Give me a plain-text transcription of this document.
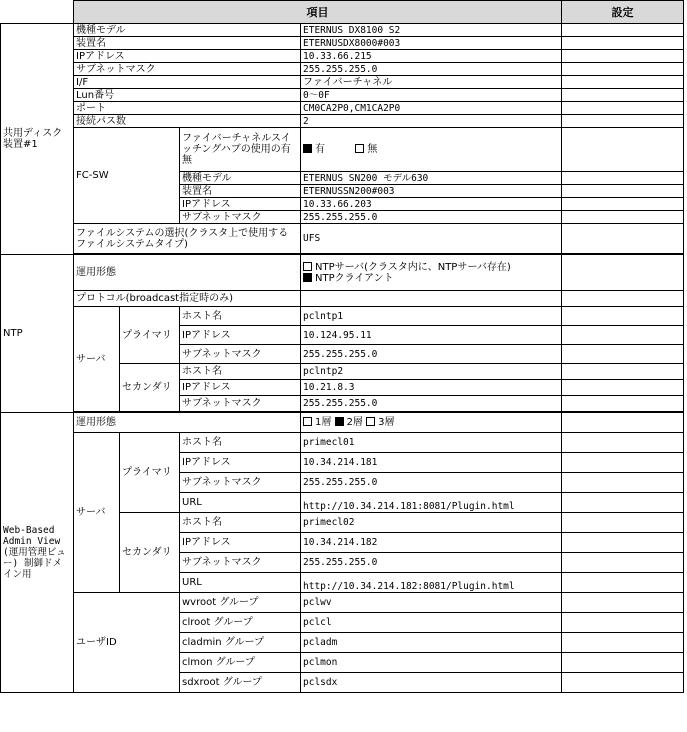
	項目				設定	
共用ディスク装置#1	機種モデル			ETERNUS DX8100 S2		
	装置名			ETERNUSDX8000#003		
	IPアドレス			10.33.66.215		
	サブネットマスク			255.255.255.0		
	I/F			ファイバーチャネル		
	Lun番号			0～0F		
	ポート			CM0CA2P0,CM1CA2P0		
	接続パス数			2		
	FC-SW		ファイバーチャネルスイッチングハブの使用の有無	有 無		
			機種モデル	ETERNUS SN200 モデル630		
			装置名	ETERNUSSN200#003		
			IPアドレス	10.33.66.203		
			サブネットマスク	255.255.255.0		
	ファイルシステムの選択(クラスタ上で使用するファイルシステムタイプ)			UFS		

NTP	運用形態			NTPサーバ(クラスタ内に、NTPサーバ存在)
NTPクライアント		

	プロトコル(broadcast指定時のみ)					
	サーバ	プライマリ	ホスト名	pclntp1		
			IPアドレス	10.124.95.11		
			サブネットマスク	255.255.255.0		
		セカンダリ	ホスト名	pclntp2		
			IPアドレス	10.21.8.3		
			サブネットマスク	255.255.255.0		

Web-Based Admin View (運用管理ビュー) 制御ドメイン用	運用形態			1層 2層 3層		
	サーバ	プライマリ	ホスト名	primecl01		
			IPアドレス	10.34.214.181		
			サブネットマスク	255.255.255.0		
			URL	http://10.34.214.181:8081/Plugin.html		
		セカンダリ	ホスト名	primecl02		
			IPアドレス	10.34.214.182		
			サブネットマスク	255.255.255.0		
			URL	http://10.34.214.182:8081/Plugin.html		
	ユーザID		wvroot グループ	pclwv		
			clroot グループ	pclcl		
			cladmin グループ	pcladm		
			clmon グループ	pclmon		
			sdxroot グループ	pclsdx		
